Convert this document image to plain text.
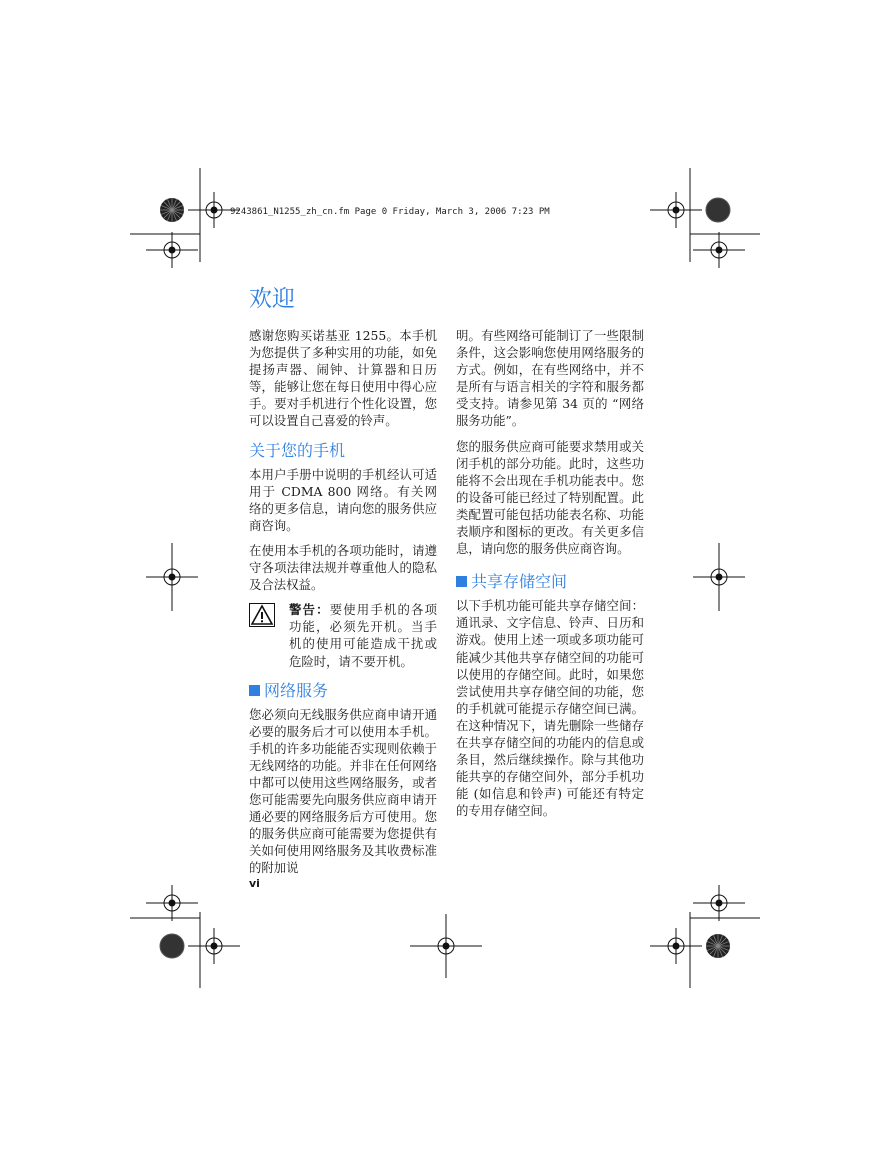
9243861_N1255_zh_cn.fm Page 0 Friday, March 3, 2006 7:23 PM
欢迎

感谢您购买诺基亚 1255。本手机为您提供了多种实用的功能，如免提扬声器、闹钟、计算器和日历等，能够让您在每日使用中得心应手。要对手机进行个性化设置，您可以设置自己喜爱的铃声。

关于您的手机

本用户手册中说明的手机经认可适用于 CDMA 800 网络。有关网络的更多信息，请向您的服务供应商咨询。

在使用本手机的各项功能时，请遵守各项法律法规并尊重他人的隐私及合法权益。

警告：要使用手机的各项功能，必须先开机。当手机的使用可能造成干扰或危险时，请不要开机。
网络服务

您必须向无线服务供应商申请开通必要的服务后才可以使用本手机。手机的许多功能能否实现则依赖于无线网络的功能。并非在任何网络中都可以使用这些网络服务，或者您可能需要先向服务供应商申请开通必要的网络服务后方可使用。您的服务供应商可能需要为您提供有关如何使用网络服务及其收费标准的附加说

明。有些网络可能制订了一些限制条件，这会影响您使用网络服务的方式。例如，在有些网络中，并不是所有与语言相关的字符和服务都受支持。请参见第 34 页的 “网络服务功能”。

您的服务供应商可能要求禁用或关闭手机的部分功能。此时，这些功能将不会出现在手机功能表中。您的设备可能已经过了特别配置。此类配置可能包括功能表名称、功能表顺序和图标的更改。有关更多信息，请向您的服务供应商咨询。

共享存储空间

以下手机功能可能共享存储空间：通讯录、文字信息、铃声、日历和游戏。使用上述一项或多项功能可能减少其他共享存储空间的功能可以使用的存储空间。此时，如果您尝试使用共享存储空间的功能，您的手机就可能提示存储空间已满。在这种情况下，请先删除一些储存在共享存储空间的功能内的信息或条目，然后继续操作。除与其他功能共享的存储空间外，部分手机功能 (如信息和铃声) 可能还有特定的专用存储空间。

vi
